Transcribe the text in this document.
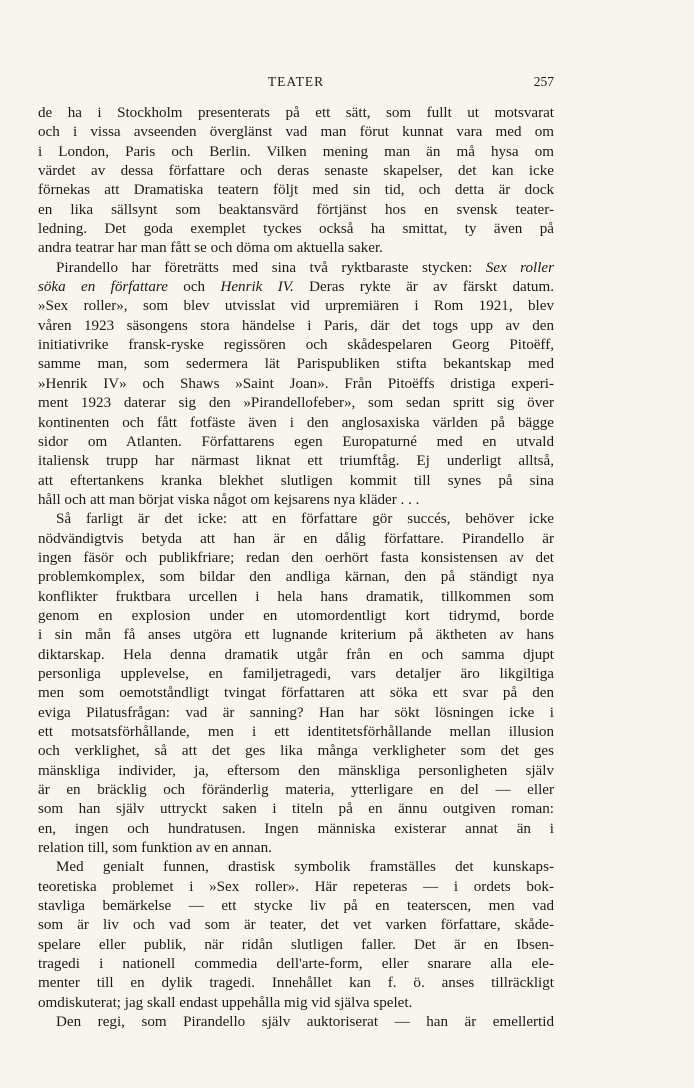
TEATER	257
de ha i Stockholm presenterats på ett sätt, som fullt ut motsvarat
och i vissa avseenden överglänst vad man förut kunnat vara med om
i London, Paris och Berlin. Vilken mening man än må hysa om
värdet av dessa författare och deras senaste skapelser, det kan icke
förnekas att Dramatiska teatern följt med sin tid, och detta är dock
en lika sällsynt som beaktansvärd förtjänst hos en svensk teater-
ledning. Det goda exemplet tyckes också ha smittat, ty även på
andra teatrar har man fått se och döma om aktuella saker.
Pirandello har företrätts med sina två ryktbaraste stycken: Sex roller
söka en författare och Henrik IV. Deras rykte är av färskt datum.
»Sex roller», som blev utvisslat vid urpremiären i Rom 1921, blev
våren 1923 säsongens stora händelse i Paris, där det togs upp av den
initiativrike fransk-ryske regissören och skådespelaren Georg Pitoëff,
samme man, som sedermera lät Parispubliken stifta bekantskap med
»Henrik IV» och Shaws »Saint Joan». Från Pitoëffs dristiga experi-
ment 1923 daterar sig den »Pirandellofeber», som sedan spritt sig över
kontinenten och fått fotfäste även i den anglosaxiska världen på bägge
sidor om Atlanten. Författarens egen Europaturné med en utvald
italiensk trupp har närmast liknat ett triumftåg. Ej underligt alltså,
att eftertankens kranka blekhet slutligen kommit till synes på sina
håll och att man börjat viska något om kejsarens nya kläder . . .
Så farligt är det icke: att en författare gör succés, behöver icke
nödvändigtvis betyda att han är en dålig författare. Pirandello är
ingen fäsör och publikfriare; redan den oerhört fasta konsistensen av det
problemkomplex, som bildar den andliga kärnan, den på ständigt nya
konflikter fruktbara urcellen i hela hans dramatik, tillkommen som
genom en explosion under en utomordentligt kort tidrymd, borde
i sin mån få anses utgöra ett lugnande kriterium på äktheten av hans
diktarskap. Hela denna dramatik utgår från en och samma djupt
personliga upplevelse, en familjetragedi, vars detaljer äro likgiltiga
men som oemotståndligt tvingat författaren att söka ett svar på den
eviga Pilatusfrågan: vad är sanning? Han har sökt lösningen icke i
ett motsatsförhållande, men i ett identitetsförhållande mellan illusion
och verklighet, så att det ges lika många verkligheter som det ges
mänskliga individer, ja, eftersom den mänskliga personligheten själv
är en bräcklig och föränderlig materia, ytterligare en del — eller
som han själv uttryckt saken i titeln på en ännu outgiven roman:
en, ingen och hundratusen. Ingen människa existerar annat än i
relation till, som funktion av en annan.
Med genialt funnen, drastisk symbolik framställes det kunskaps-
teoretiska problemet i »Sex roller». Här repeteras — i ordets bok-
stavliga bemärkelse — ett stycke liv på en teaterscen, men vad
som är liv och vad som är teater, det vet varken författare, skåde-
spelare eller publik, när ridån slutligen faller. Det är en Ibsen-
tragedi i nationell commedia dell'arte-form, eller snarare alla ele-
menter till en dylik tragedi. Innehållet kan f. ö. anses tillräckligt
omdiskuterat; jag skall endast uppehålla mig vid själva spelet.
Den regi, som Pirandello själv auktoriserat — han är emellertid
